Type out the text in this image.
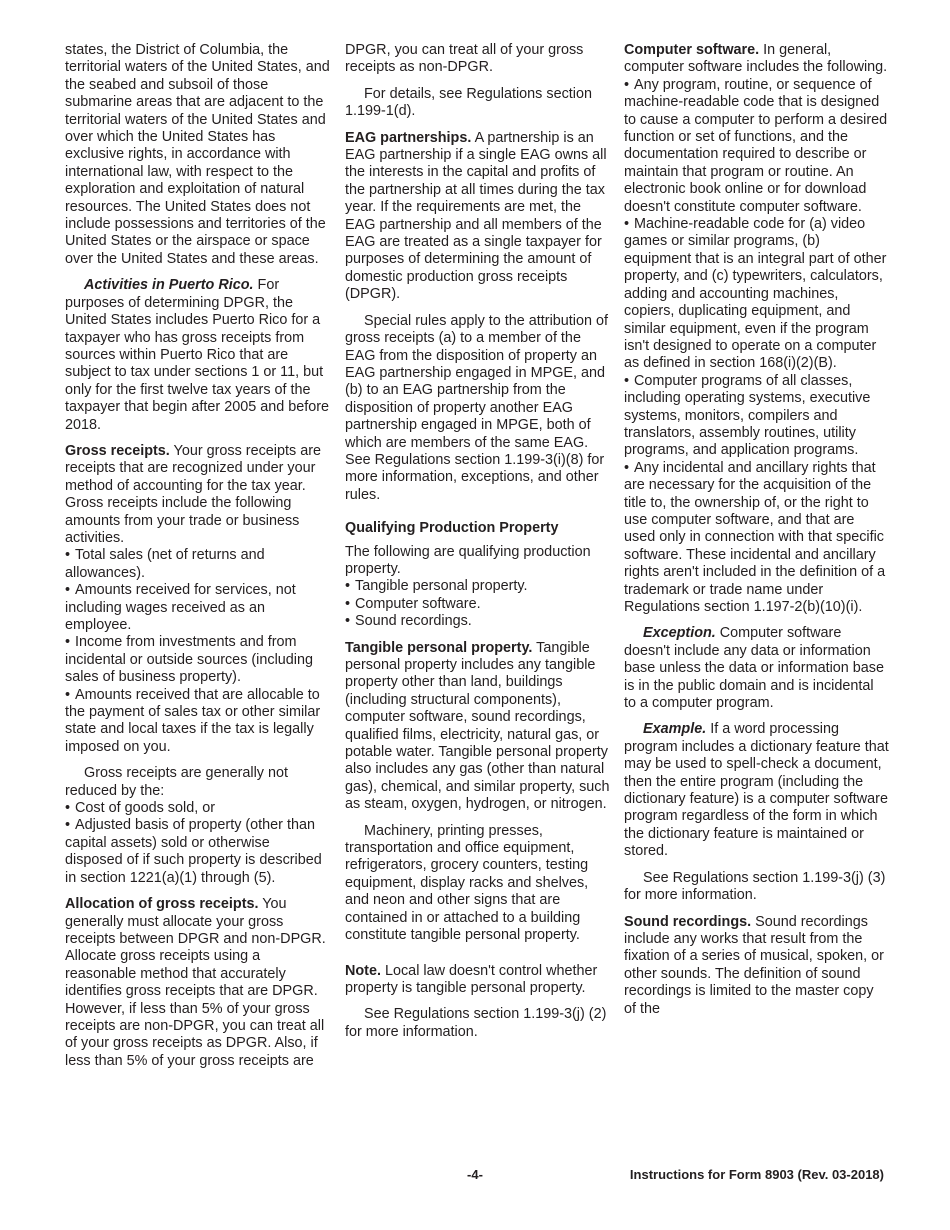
states, the District of Columbia, the territorial waters of the United States, and the seabed and subsoil of those submarine areas that are adjacent to the territorial waters of the United States and over which the United States has exclusive rights, in accordance with international law, with respect to the exploration and exploitation of natural resources. The United States does not include possessions and territories of the United States or the airspace or space over the United States and these areas.

Activities in Puerto Rico. For purposes of determining DPGR, the United States includes Puerto Rico for a taxpayer who has gross receipts from sources within Puerto Rico that are subject to tax under sections 1 or 11, but only for the first twelve tax years of the taxpayer that begin after 2005 and before 2018.

Gross receipts. Your gross receipts are receipts that are recognized under your method of accounting for the tax year. Gross receipts include the following amounts from your trade or business activities.

• Total sales (net of returns and allowances).
• Amounts received for services, not including wages received as an employee.
• Income from investments and from incidental or outside sources (including sales of business property).
• Amounts received that are allocable to the payment of sales tax or other similar state and local taxes if the tax is legally imposed on you.

Gross receipts are generally not reduced by the:

• Cost of goods sold, or
• Adjusted basis of property (other than capital assets) sold or otherwise disposed of if such property is described in section 1221(a)(1) through (5).

Allocation of gross receipts. You generally must allocate your gross receipts between DPGR and non-DPGR. Allocate gross receipts using a reasonable method that accurately identifies gross receipts that are DPGR. However, if less than 5% of your gross receipts are non-DPGR, you can treat all of your gross receipts as DPGR. Also, if less than 5% of your gross receipts are

DPGR, you can treat all of your gross receipts as non-DPGR.

For details, see Regulations section 1.199-1(d).

EAG partnerships. A partnership is an EAG partnership if a single EAG owns all the interests in the capital and profits of the partnership at all times during the tax year. If the requirements are met, the EAG partnership and all members of the EAG are treated as a single taxpayer for purposes of determining the amount of domestic production gross receipts (DPGR).

Special rules apply to the attribution of gross receipts (a) to a member of the EAG from the disposition of property an EAG partnership engaged in MPGE, and (b) to an EAG partnership from the disposition of property another EAG partnership engaged in MPGE, both of which are members of the same EAG. See Regulations section 1.199-3(i)(8) for more information, exceptions, and other rules.

Qualifying Production Property

The following are qualifying production property.

• Tangible personal property.
• Computer software.
• Sound recordings.

Tangible personal property. Tangible personal property includes any tangible property other than land, buildings (including structural components), computer software, sound recordings, qualified films, electricity, natural gas, or potable water. Tangible personal property also includes any gas (other than natural gas), chemical, and similar property, such as steam, oxygen, hydrogen, or nitrogen.

Machinery, printing presses, transportation and office equipment, refrigerators, grocery counters, testing equipment, display racks and shelves, and neon and other signs that are contained in or attached to a building constitute tangible personal property.

Note. Local law doesn't control whether property is tangible personal property.

See Regulations section 1.199-3(j) (2) for more information.

Computer software. In general, computer software includes the following.

• Any program, routine, or sequence of machine-readable code that is designed to cause a computer to perform a desired function or set of functions, and the documentation required to describe or maintain that program or routine. An electronic book online or for download doesn't constitute computer software.
• Machine-readable code for (a) video games or similar programs, (b) equipment that is an integral part of other property, and (c) typewriters, calculators, adding and accounting machines, copiers, duplicating equipment, and similar equipment, even if the program isn't designed to operate on a computer as defined in section 168(i)(2)(B).
• Computer programs of all classes, including operating systems, executive systems, monitors, compilers and translators, assembly routines, utility programs, and application programs.
• Any incidental and ancillary rights that are necessary for the acquisition of the title to, the ownership of, or the right to use computer software, and that are used only in connection with that specific software. These incidental and ancillary rights aren't included in the definition of a trademark or trade name under Regulations section 1.197-2(b)(10)(i).

Exception. Computer software doesn't include any data or information base unless the data or information base is in the public domain and is incidental to a computer program.

Example. If a word processing program includes a dictionary feature that may be used to spell-check a document, then the entire program (including the dictionary feature) is a computer software program regardless of the form in which the dictionary feature is maintained or stored.

See Regulations section 1.199-3(j) (3) for more information.

Sound recordings. Sound recordings include any works that result from the fixation of a series of musical, spoken, or other sounds. The definition of sound recordings is limited to the master copy of the

-4-	Instructions for Form 8903 (Rev. 03-2018)
